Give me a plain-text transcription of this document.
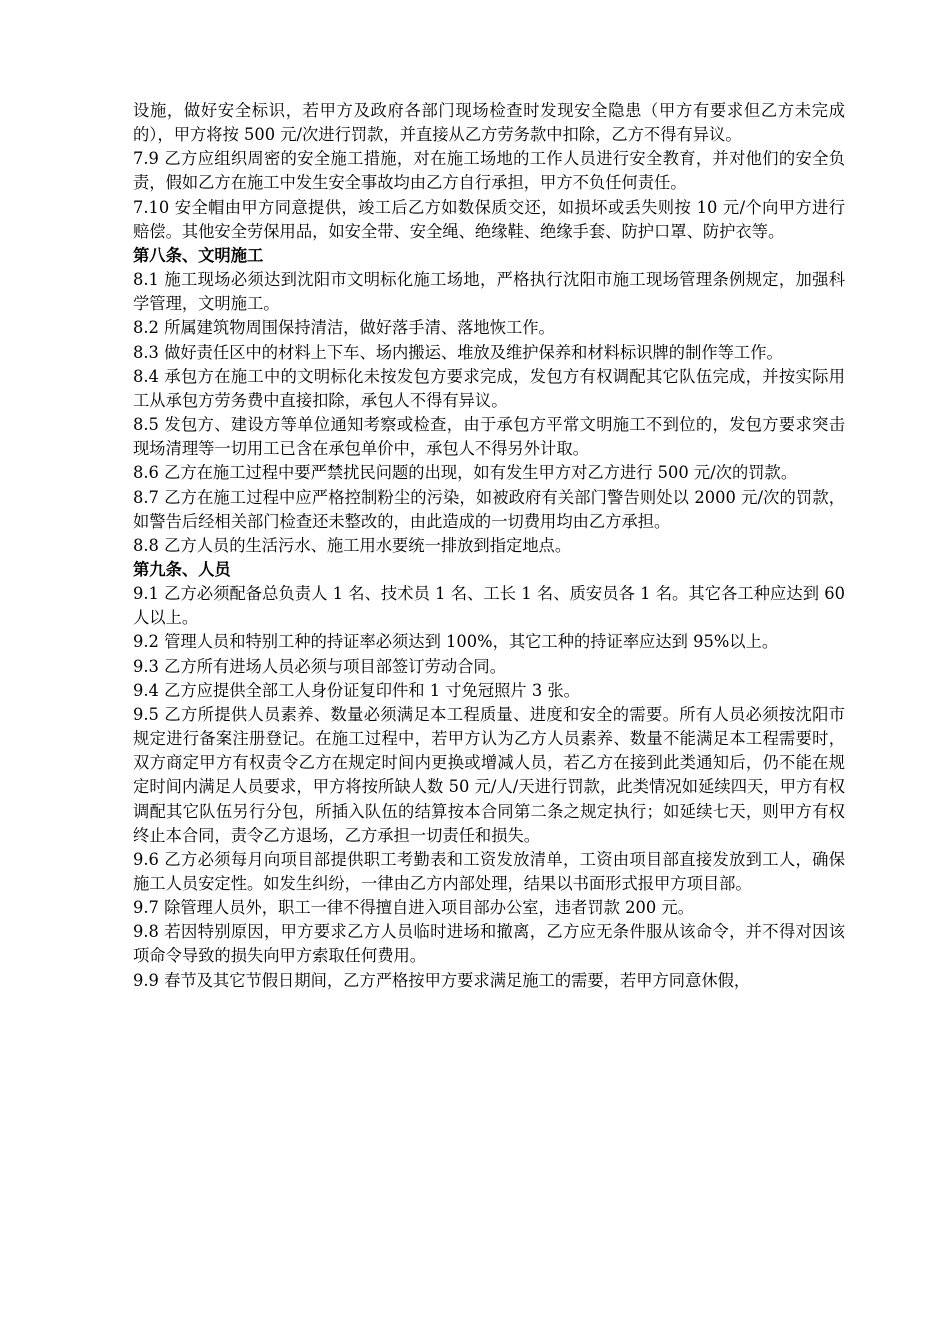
设施，做好安全标识，若甲方及政府各部门现场检查时发现安全隐患（甲方有要求但乙方未完成的），甲方将按 500 元/次进行罚款，并直接从乙方劳务款中扣除，乙方不得有异议。

7.9 乙方应组织周密的安全施工措施，对在施工场地的工作人员进行安全教育，并对他们的安全负责，假如乙方在施工中发生安全事故均由乙方自行承担，甲方不负任何责任。

7.10 安全帽由甲方同意提供，竣工后乙方如数保质交还，如损坏或丢失则按 10 元/个向甲方进行赔偿。其他安全劳保用品，如安全带、安全绳、绝缘鞋、绝缘手套、防护口罩、防护衣等。

第八条、文明施工

8.1 施工现场必须达到沈阳市文明标化施工场地，严格执行沈阳市施工现场管理条例规定，加强科学管理，文明施工。

8.2 所属建筑物周围保持清洁，做好落手清、落地恢工作。

8.3 做好责任区中的材料上下车、场内搬运、堆放及维护保养和材料标识牌的制作等工作。

8.4 承包方在施工中的文明标化未按发包方要求完成，发包方有权调配其它队伍完成，并按实际用工从承包方劳务费中直接扣除，承包人不得有异议。

8.5 发包方、建设方等单位通知考察或检查，由于承包方平常文明施工不到位的，发包方要求突击现场清理等一切用工已含在承包单价中，承包人不得另外计取。

8.6 乙方在施工过程中要严禁扰民问题的出现，如有发生甲方对乙方进行 500 元/次的罚款。

8.7 乙方在施工过程中应严格控制粉尘的污染，如被政府有关部门警告则处以 2000 元/次的罚款，如警告后经相关部门检查还未整改的，由此造成的一切费用均由乙方承担。

8.8 乙方人员的生活污水、施工用水要统一排放到指定地点。

第九条、人员

9.1 乙方必须配备总负责人 1 名、技术员 1 名、工长 1 名、质安员各 1 名。其它各工种应达到 60 人以上。

9.2 管理人员和特别工种的持证率必须达到 100%，其它工种的持证率应达到 95%以上。

9.3 乙方所有进场人员必须与项目部签订劳动合同。

9.4 乙方应提供全部工人身份证复印件和 1 寸免冠照片 3 张。

9.5 乙方所提供人员素养、数量必须满足本工程质量、进度和安全的需要。所有人员必须按沈阳市规定进行备案注册登记。在施工过程中，若甲方认为乙方人员素养、数量不能满足本工程需要时，双方商定甲方有权责令乙方在规定时间内更换或增减人员，若乙方在接到此类通知后，仍不能在规定时间内满足人员要求，甲方将按所缺人数 50 元/人/天进行罚款，此类情况如延续四天，甲方有权调配其它队伍另行分包，所插入队伍的结算按本合同第二条之规定执行；如延续七天，则甲方有权终止本合同，责令乙方退场，乙方承担一切责任和损失。

9.6 乙方必须每月向项目部提供职工考勤表和工资发放清单，工资由项目部直接发放到工人，确保施工人员安定性。如发生纠纷，一律由乙方内部处理，结果以书面形式报甲方项目部。

9.7 除管理人员外，职工一律不得擅自进入项目部办公室，违者罚款 200 元。

9.8 若因特别原因，甲方要求乙方人员临时进场和撤离，乙方应无条件服从该命令，并不得对因该项命令导致的损失向甲方索取任何费用。

9.9 春节及其它节假日期间，乙方严格按甲方要求满足施工的需要，若甲方同意休假，
